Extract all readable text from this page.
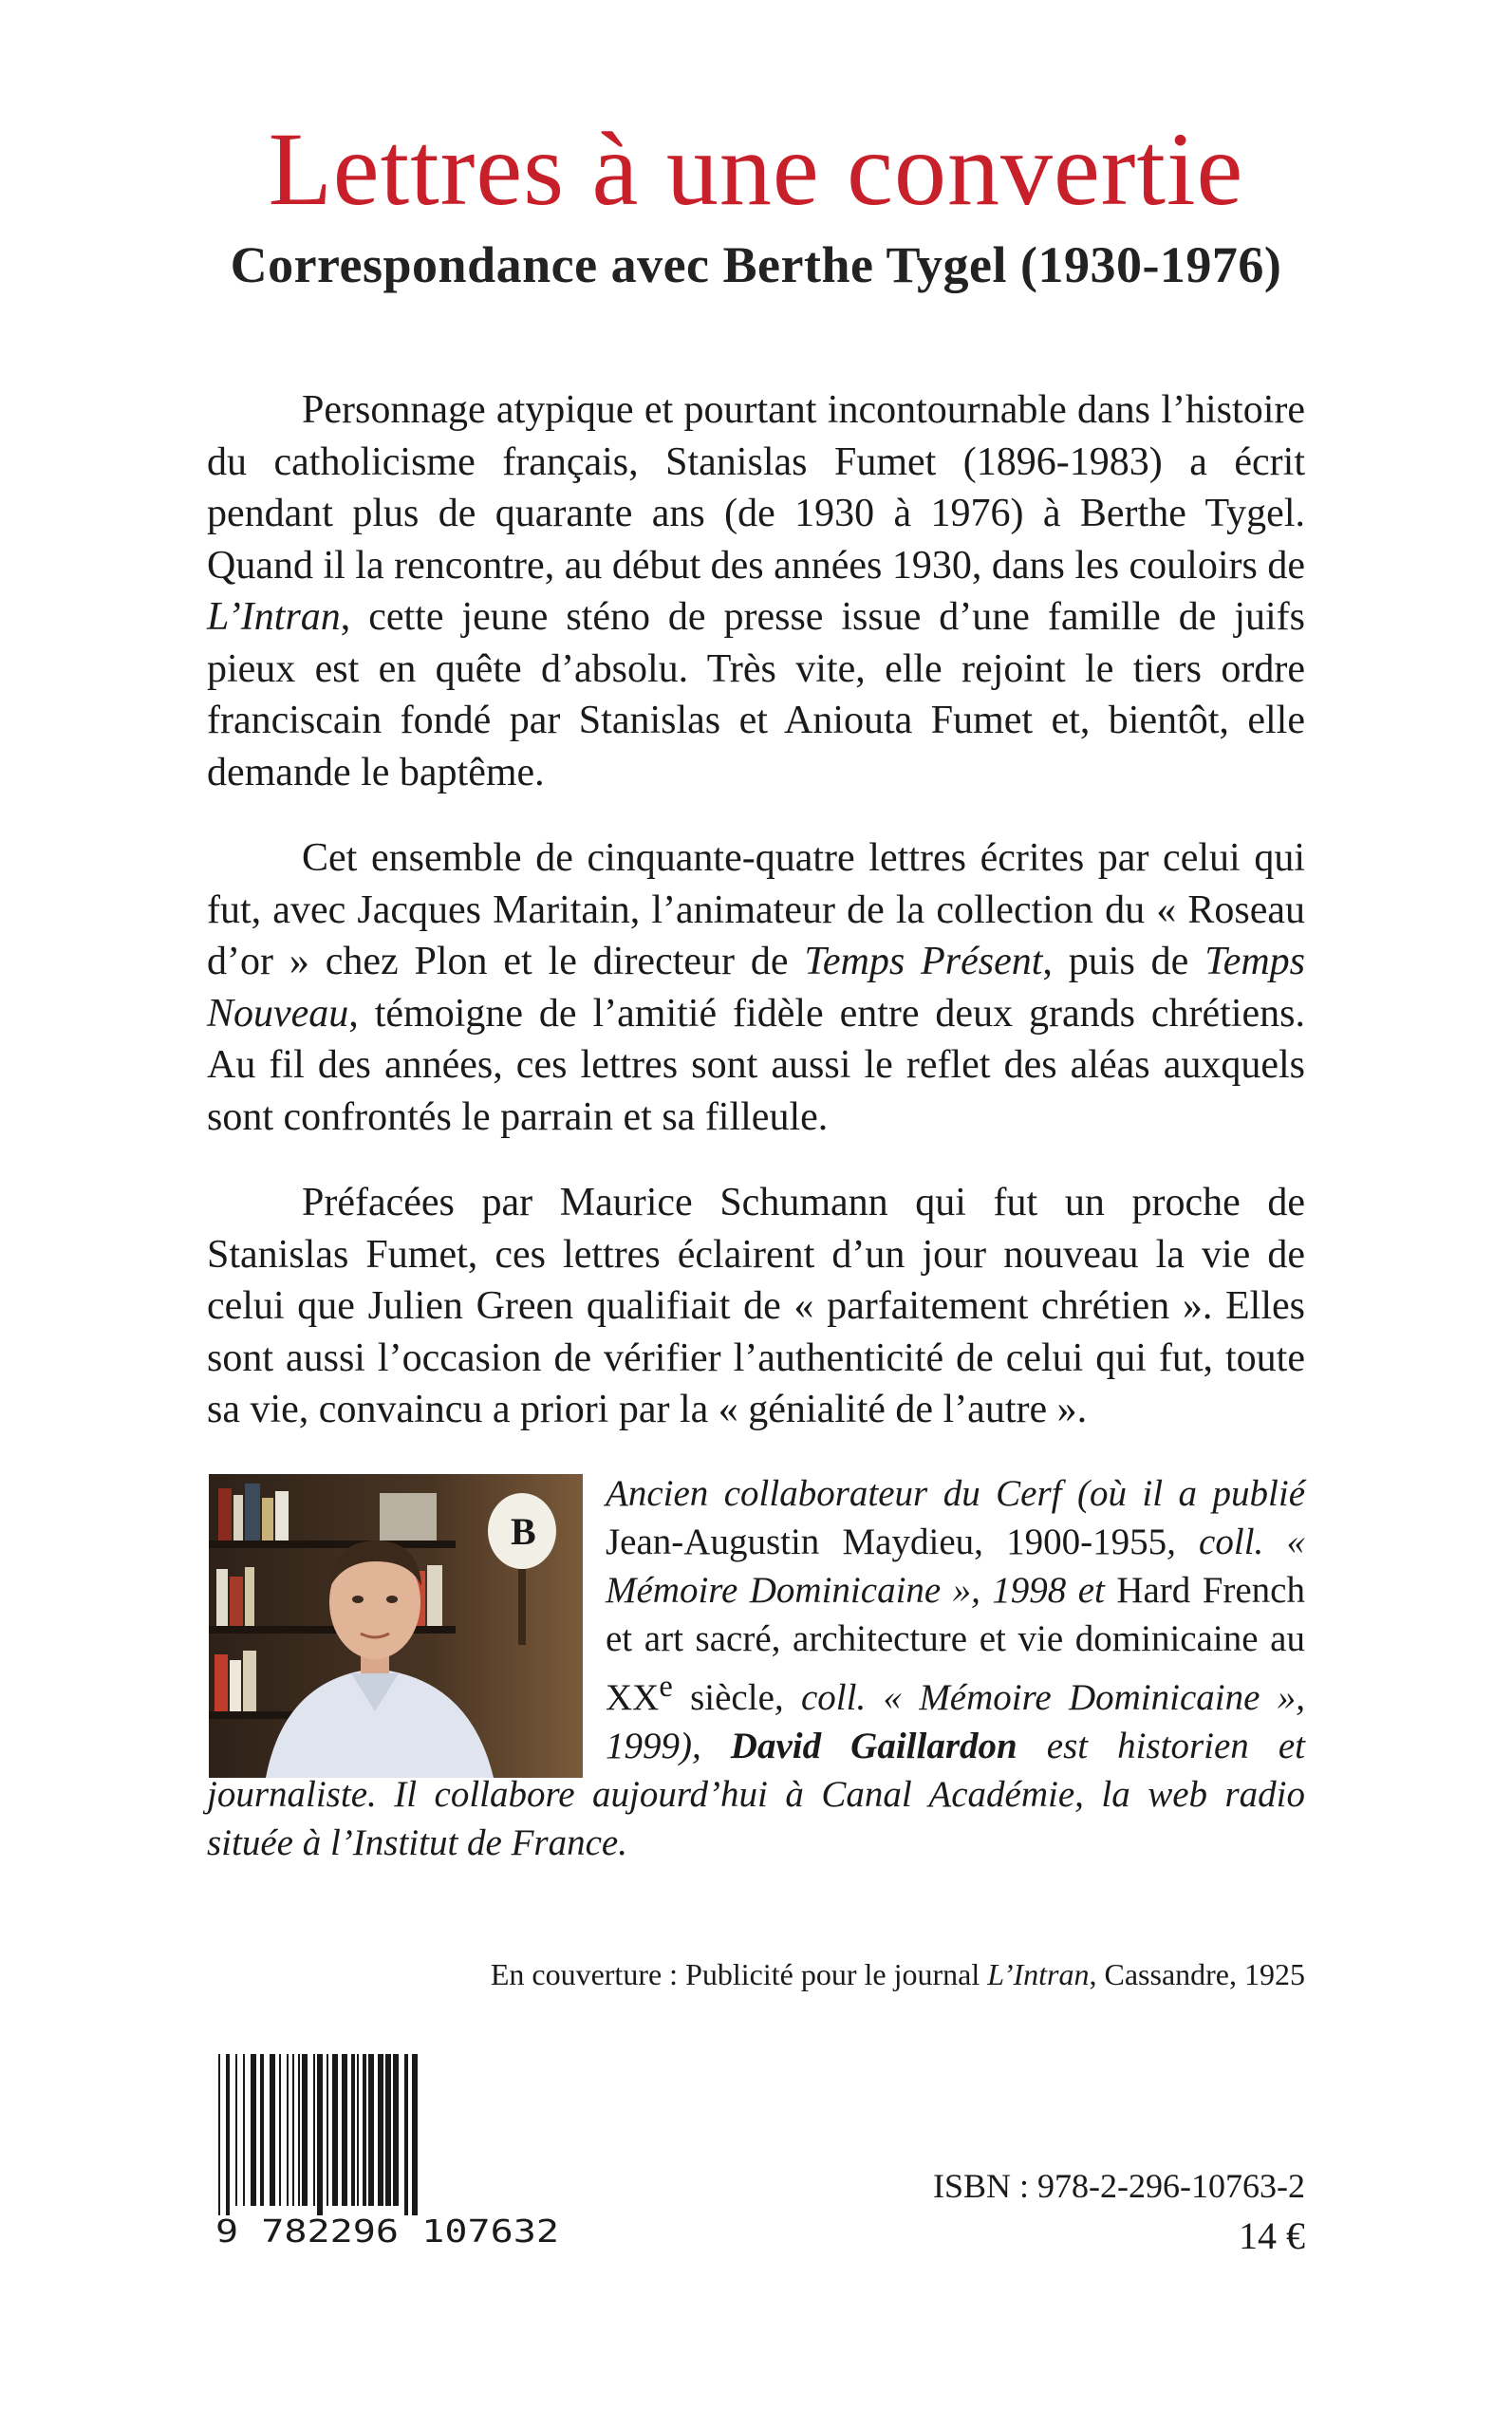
Lettres à une convertie
Correspondance avec Berthe Tygel (1930-1976)

Personnage atypique et pourtant incontournable dans l’histoire du catholicisme français, Stanislas Fumet (1896-1983) a écrit pendant plus de quarante ans (de 1930 à 1976) à Berthe Tygel. Quand il la rencontre, au début des années 1930, dans les couloirs de L’Intran, cette jeune sténo de presse issue d’une famille de juifs pieux est en quête d’absolu. Très vite, elle rejoint le tiers ordre franciscain fondé par Stanislas et Aniouta Fumet et, bientôt, elle demande le baptême.

Cet ensemble de cinquante-quatre lettres écrites par celui qui fut, avec Jacques Maritain, l’animateur de la collection du « Roseau d’or » chez Plon et le directeur de Temps Présent, puis de Temps Nouveau, témoigne de l’amitié fidèle entre deux grands chrétiens. Au fil des années, ces lettres sont aussi le reflet des aléas auxquels sont confrontés le parrain et sa filleule.

Préfacées par Maurice Schumann qui fut un proche de Stanislas Fumet, ces lettres éclairent d’un jour nouveau la vie de celui que Julien Green qualifiait de « parfaitement chrétien ». Elles sont aussi l’occasion de vérifier l’authenticité de celui qui fut, toute sa vie, convaincu a priori par la « génialité de l’autre ».

B
Ancien collaborateur du Cerf (où il a publié Jean-Augustin Maydieu, 1900-1955, coll. « Mémoire Dominicaine », 1998 et Hard French et art sacré, architecture et vie dominicaine au XXe siècle, coll. « Mémoire Dominicaine », 1999), David Gaillardon est historien et journaliste. Il collabore aujourd’hui à Canal Académie, la web radio située à l’Institut de France.
En couverture : Publicité pour le journal L’Intran, Cassandre, 1925
9 782296 107632
ISBN : 978-2-296-10763-2
14 €
